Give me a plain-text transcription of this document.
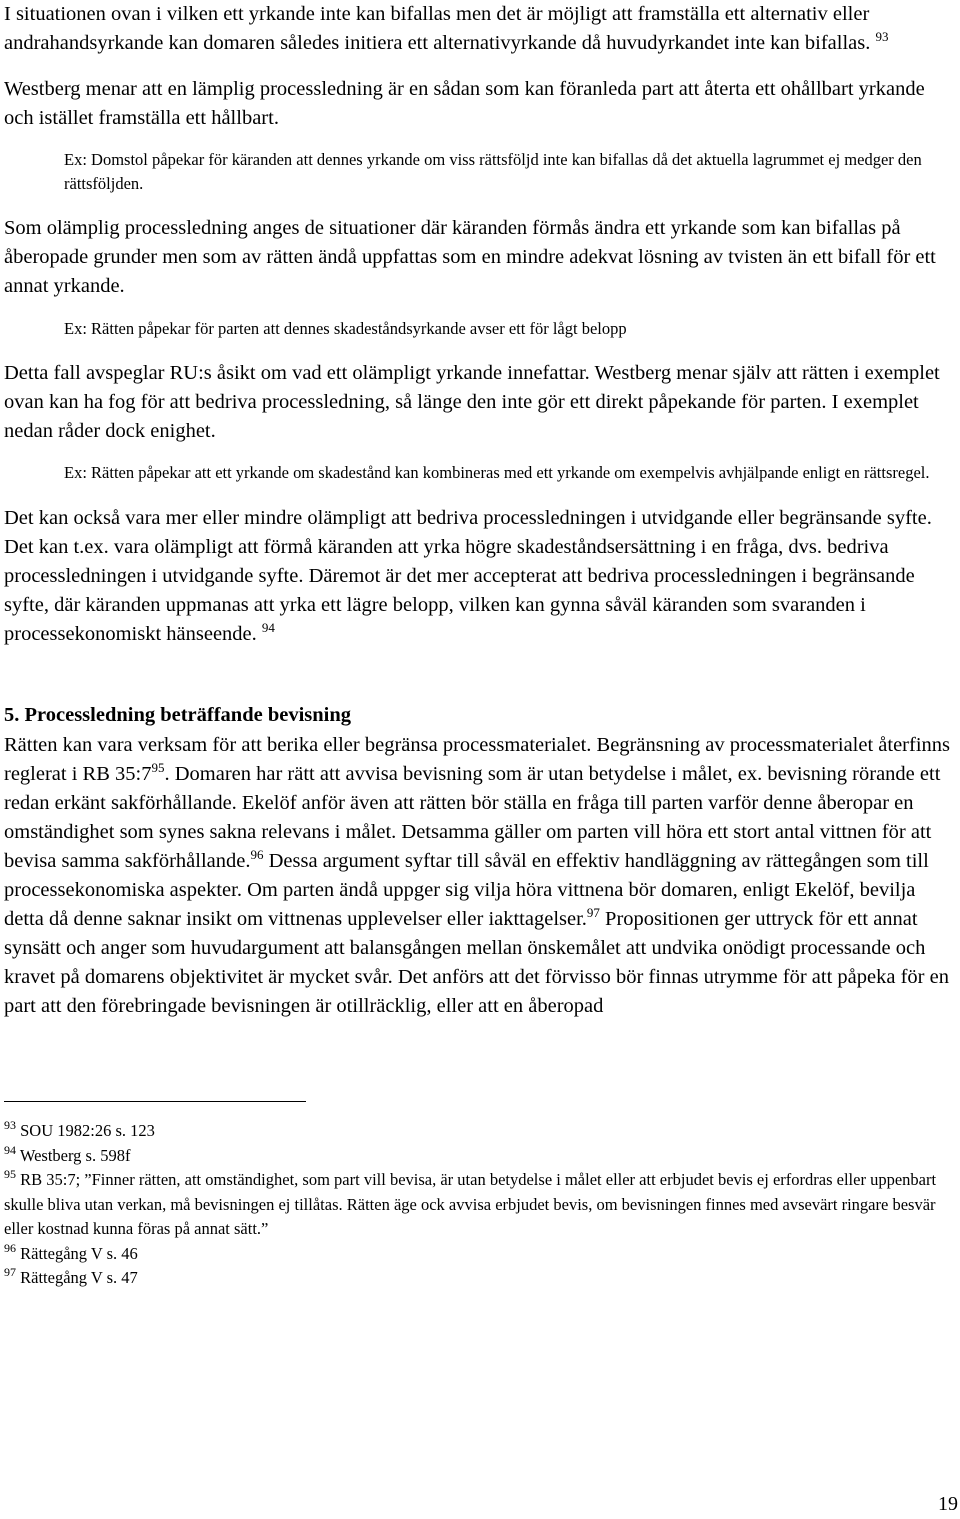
I situationen ovan i vilken ett yrkande inte kan bifallas men det är möjligt att framställa ett alternativ eller andrahandsyrkande kan domaren således initiera ett alternativyrkande då huvudyrkandet inte kan bifallas. $^{93}$

Westberg menar att en lämplig processledning är en sådan som kan föranleda part att återta ett ohållbart yrkande och istället framställa ett hållbart.

Ex: Domstol påpekar för käranden att dennes yrkande om viss rättsföljd inte kan bifallas då det aktuella lagrummet ej medger den rättsföljden.

Som olämplig processledning anges de situationer där käranden förmås ändra ett yrkande som kan bifallas på åberopade grunder men som av rätten ändå uppfattas som en mindre adekvat lösning av tvisten än ett bifall för ett annat yrkande.

Ex: Rätten påpekar för parten att dennes skadeståndsyrkande avser ett för lågt belopp

Detta fall avspeglar RU:s åsikt om vad ett olämpligt yrkande innefattar. Westberg menar själv att rätten i exemplet ovan kan ha fog för att bedriva processledning, så länge den inte gör ett direkt påpekande för parten. I exemplet nedan råder dock enighet.

Ex: Rätten påpekar att ett yrkande om skadestånd kan kombineras med ett yrkande om exempelvis avhjälpande enligt en rättsregel.

Det kan också vara mer eller mindre olämpligt att bedriva processledningen i utvidgande eller begränsande syfte. Det kan t.ex. vara olämpligt att förmå käranden att yrka högre skadeståndsersättning i en fråga, dvs. bedriva processledningen i utvidgande syfte. Däremot är det mer accepterat att bedriva processledningen i begränsande syfte, där käranden uppmanas att yrka ett lägre belopp, vilken kan gynna såväl käranden som svaranden i processekonomiskt hänseende. $^{94}$

5. Processledning beträffande bevisning

Rätten kan vara verksam för att berika eller begränsa processmaterialet. Begränsning av processmaterialet återfinns reglerat i RB $35:7^{95}$. Domaren har rätt att avvisa bevisning som är utan betydelse i målet, ex. bevisning rörande ett redan erkänt sakförhållande. Ekelöf anför även att rätten bör ställa en fråga till parten varför denne åberopar en omständighet som synes sakna relevans i målet. Detsamma gäller om parten vill höra ett stort antal vittnen för att bevisa samma sakförhållande.$^{96}$ Dessa argument syftar till såväl en effektiv handläggning av rättegången som till processekonomiska aspekter. Om parten ändå uppger sig vilja höra vittnena bör domaren, enligt Ekelöf, bevilja detta då denne saknar insikt om vittnenas upplevelser eller iakttagelser.$^{97}$ Propositionen ger uttryck för ett annat synsätt och anger som huvudargument att balansgången mellan önskemålet att undvika onödigt processande och kravet på domarens objektivitet är mycket svår. Det anförs att det förvisso bör finnas utrymme för att påpeka för en part att den förebringade bevisningen är otillräcklig, eller att en åberopad

$^{93}$ SOU 1982:26 s. 123

$^{94}$ Westberg s. 598f

$^{95}$ RB 35:7; ”Finner rätten, att omständighet, som part vill bevisa, är utan betydelse i målet eller att erbjudet bevis ej erfordras eller uppenbart skulle bliva utan verkan, må bevisningen ej tillåtas. Rätten äge ock avvisa erbjudet bevis, om bevisningen finnes med avsevärt ringare besvär eller kostnad kunna föras på annat sätt.”

$^{96}$ Rättegång V s. 46

$^{97}$ Rättegång V s. 47

19
